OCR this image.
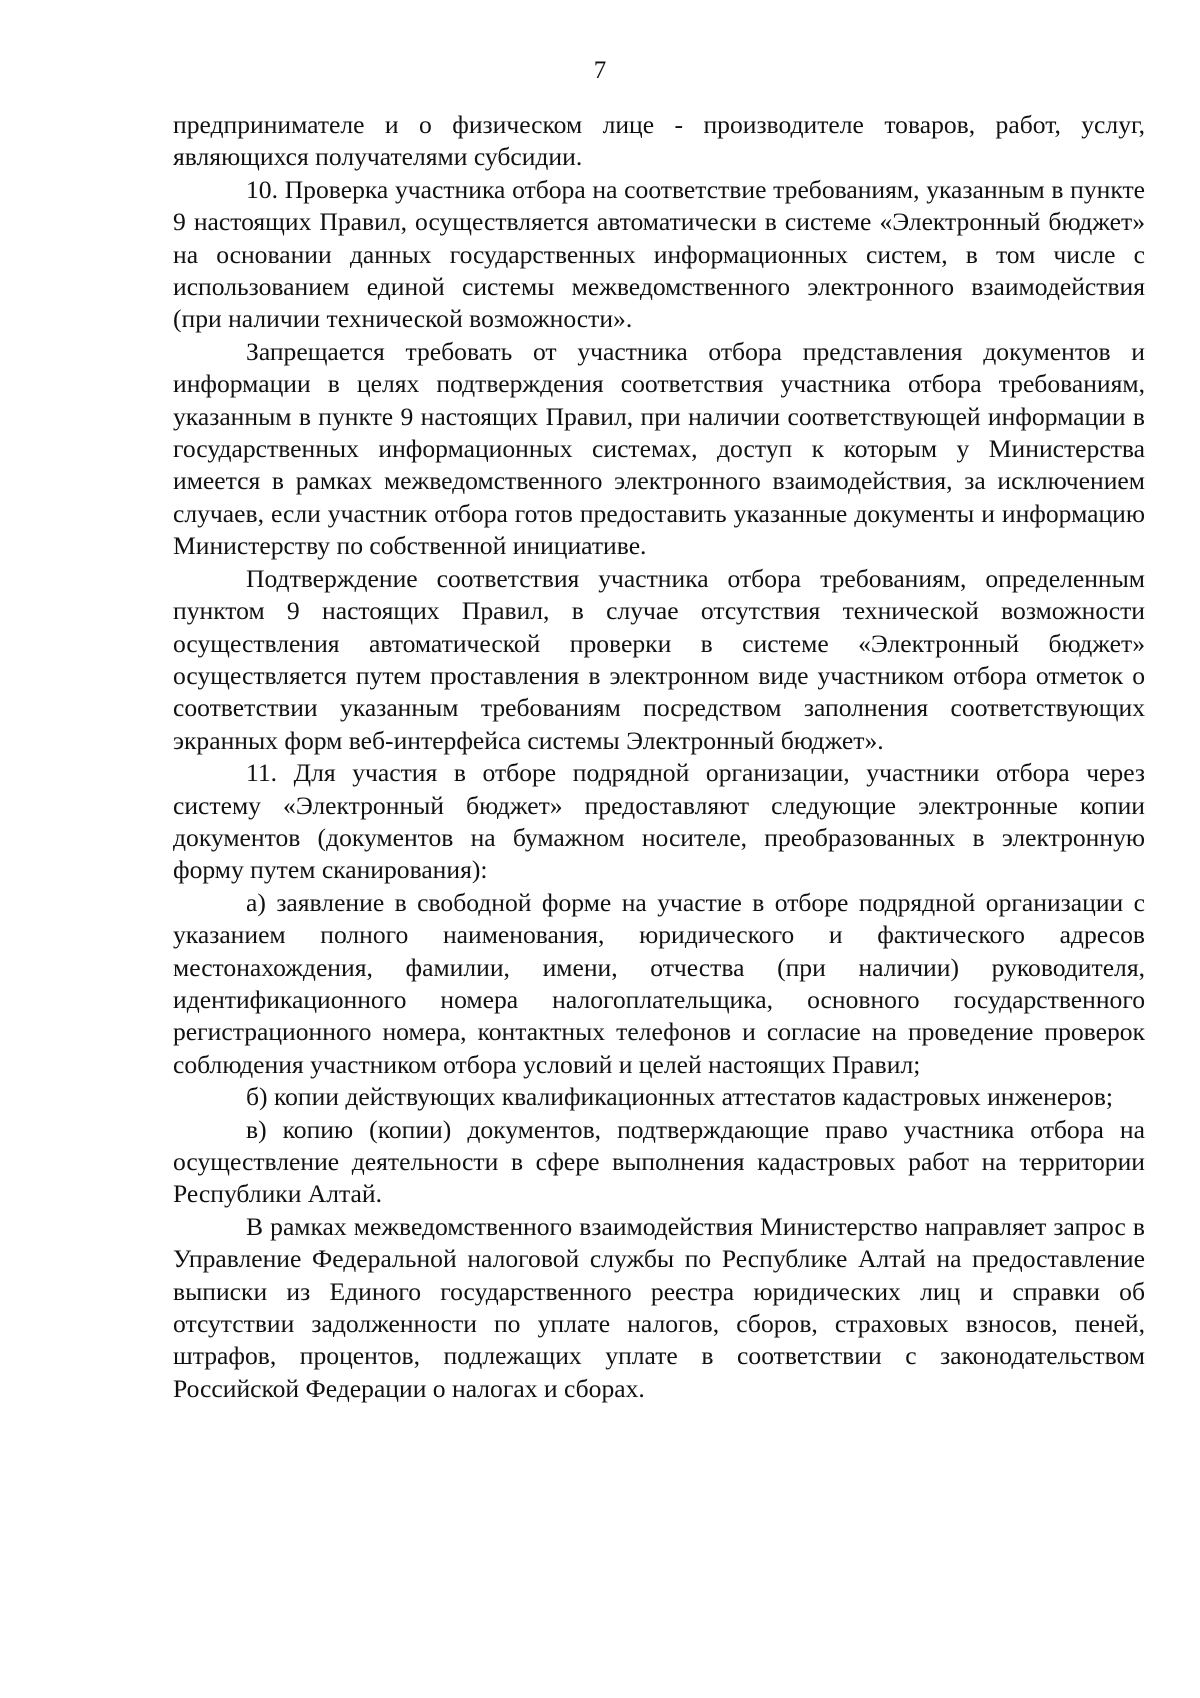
7

предпринимателе и о физическом лице - производителе товаров, работ, услуг, являющихся получателями субсидии.

10. Проверка участника отбора на соответствие требованиям, указанным в пункте 9 настоящих Правил, осуществляется автоматически в системе «Электронный бюджет» на основании данных государственных информационных систем, в том числе с использованием единой системы межведомственного электронного взаимодействия (при наличии технической возможности».

Запрещается требовать от участника отбора представления документов и информации в целях подтверждения соответствия участника отбора требованиям, указанным в пункте 9 настоящих Правил, при наличии соответствующей информации в государственных информационных системах, доступ к которым у Министерства имеется в рамках межведомственного электронного взаимодействия, за исключением случаев, если участник отбора готов предоставить указанные документы и информацию Министерству по собственной инициативе.

Подтверждение соответствия участника отбора требованиям, определенным пунктом 9 настоящих Правил, в случае отсутствия технической возможности осуществления автоматической проверки в системе «Электронный бюджет» осуществляется путем проставления в электронном виде участником отбора отметок о соответствии указанным требованиям посредством заполнения соответствующих экранных форм веб-интерфейса системы Электронный бюджет».

11. Для участия в отборе подрядной организации, участники отбора через систему «Электронный бюджет» предоставляют следующие электронные копии документов (документов на бумажном носителе, преобразованных в электронную форму путем сканирования):

а) заявление в свободной форме на участие в отборе подрядной организации с указанием полного наименования, юридического и фактического адресов местонахождения, фамилии, имени, отчества (при наличии) руководителя, идентификационного номера налогоплательщика, основного государственного регистрационного номера, контактных телефонов и согласие на проведение проверок соблюдения участником отбора условий и целей настоящих Правил;

б) копии действующих квалификационных аттестатов кадастровых инженеров;

в) копию (копии) документов, подтверждающие право участника отбора на осуществление деятельности в сфере выполнения кадастровых работ на территории Республики Алтай.

В рамках межведомственного взаимодействия Министерство направляет запрос в Управление Федеральной налоговой службы по Республике Алтай на предоставление выписки из Единого государственного реестра юридических лиц и справки об отсутствии задолженности по уплате налогов, сборов, страховых взносов, пеней, штрафов, процентов, подлежащих уплате в соответствии с законодательством Российской Федерации о налогах и сборах.
